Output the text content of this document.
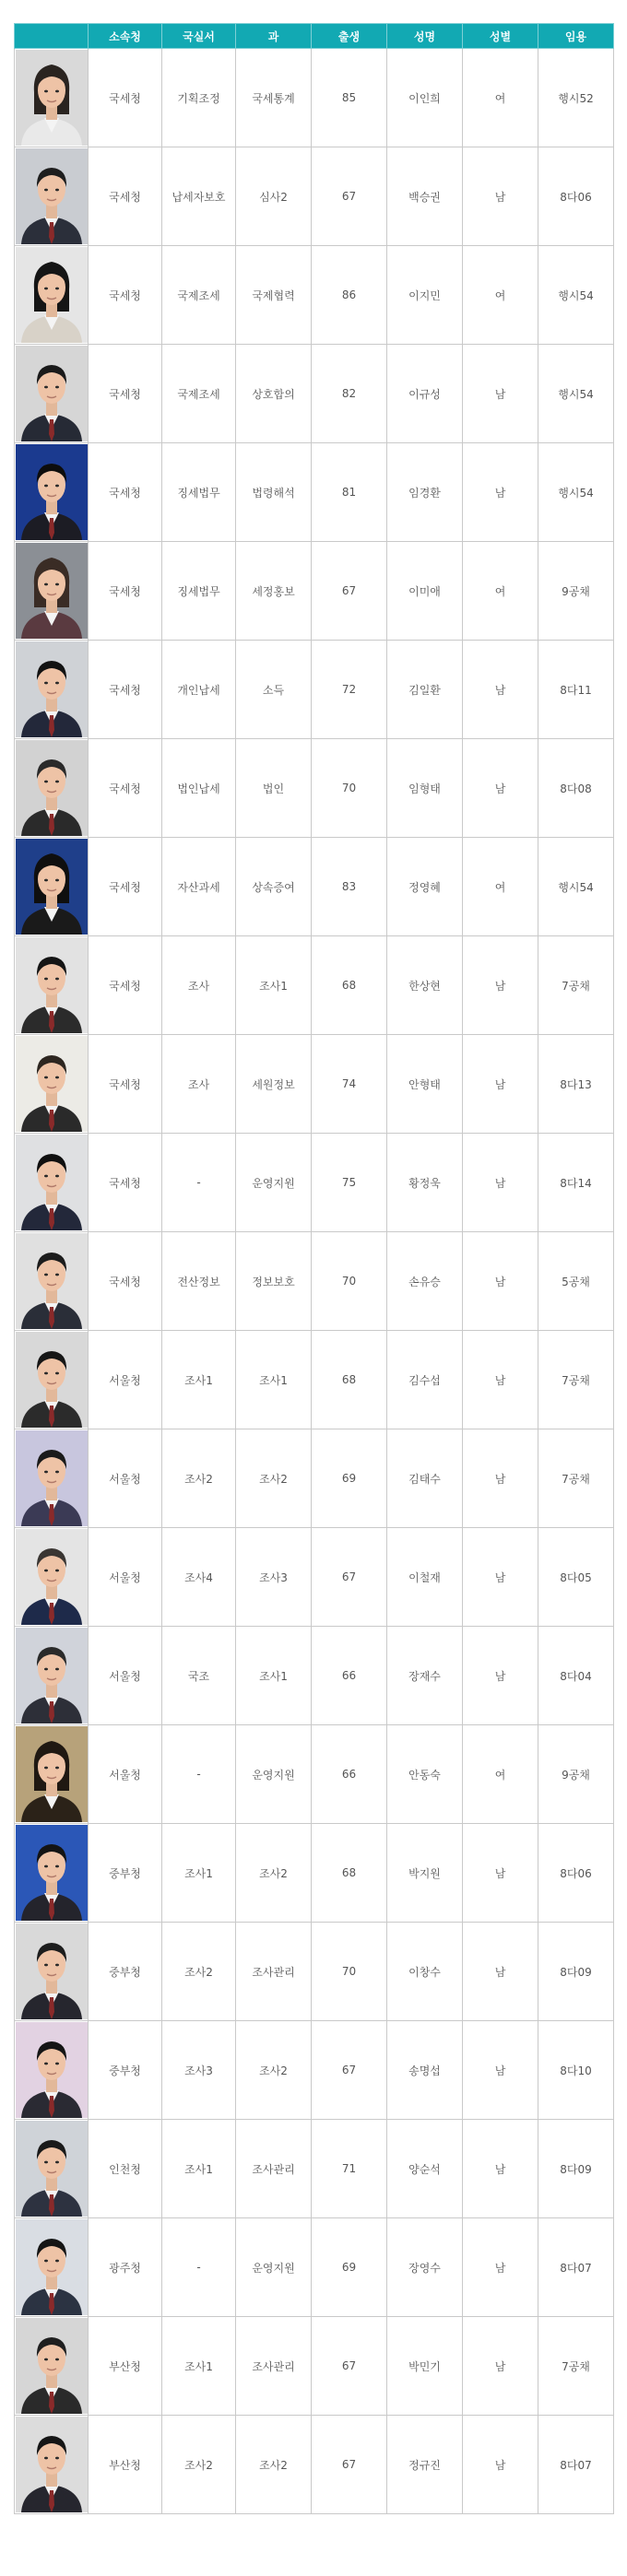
	소속청	국실서	과	출생	성명	성별	임용

	국세청	기획조정	국세통계	85	이인희	여	행시52

	국세청	납세자보호	심사2	67	백승권	남	8다06

	국세청	국제조세	국제협력	86	이지민	여	행시54

	국세청	국제조세	상호합의	82	이규성	남	행시54

	국세청	징세법무	법령해석	81	임경환	남	행시54

	국세청	징세법무	세정홍보	67	이미애	여	9공채

	국세청	개인납세	소득	72	김일환	남	8다11

	국세청	법인납세	법인	70	임형태	남	8다08

	국세청	자산과세	상속증여	83	정영혜	여	행시54

	국세청	조사	조사1	68	한상현	남	7공채

	국세청	조사	세원정보	74	안형태	남	8다13

	국세청	-	운영지원	75	황정욱	남	8다14

	국세청	전산정보	정보보호	70	손유승	남	5공채

	서울청	조사1	조사1	68	김수섭	남	7공채

	서울청	조사2	조사2	69	김태수	남	7공채

	서울청	조사4	조사3	67	이철재	남	8다05

	서울청	국조	조사1	66	장재수	남	8다04

	서울청	-	운영지원	66	안동숙	여	9공채

	중부청	조사1	조사2	68	박지원	남	8다06

	중부청	조사2	조사관리	70	이창수	남	8다09

	중부청	조사3	조사2	67	송명섭	남	8다10

	인천청	조사1	조사관리	71	양순석	남	8다09

	광주청	-	운영지원	69	장영수	남	8다07

	부산청	조사1	조사관리	67	박민기	남	7공채

	부산청	조사2	조사2	67	정규진	남	8다07
